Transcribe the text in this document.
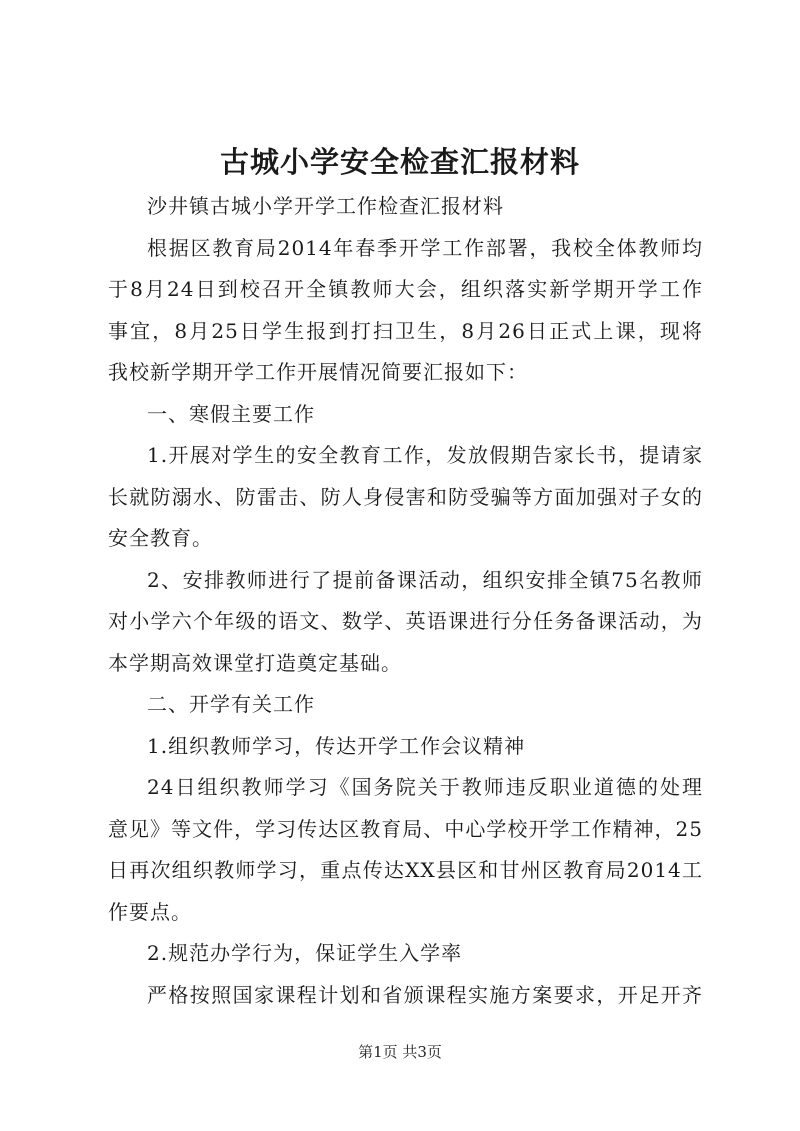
古城小学安全检查汇报材料
沙井镇古城小学开学工作检查汇报材料
根据区教育局2014年春季开学工作部署，我校全体教师均
于8月24日到校召开全镇教师大会，组织落实新学期开学工作
事宜，8月25日学生报到打扫卫生，8月26日正式上课，现将
我校新学期开学工作开展情况简要汇报如下：
一、寒假主要工作
1.开展对学生的安全教育工作，发放假期告家长书，提请家
长就防溺水、防雷击、防人身侵害和防受骗等方面加强对子女的
安全教育。
2、安排教师进行了提前备课活动，组织安排全镇75名教师
对小学六个年级的语文、数学、英语课进行分任务备课活动，为
本学期高效课堂打造奠定基础。
二、开学有关工作
1.组织教师学习，传达开学工作会议精神
24日组织教师学习《国务院关于教师违反职业道德的处理
意见》等文件，学习传达区教育局、中心学校开学工作精神，25
日再次组织教师学习，重点传达XX县区和甘州区教育局2014工
作要点。
2.规范办学行为，保证学生入学率
严格按照国家课程计划和省颁课程实施方案要求，开足开齐
第1页 共3页
